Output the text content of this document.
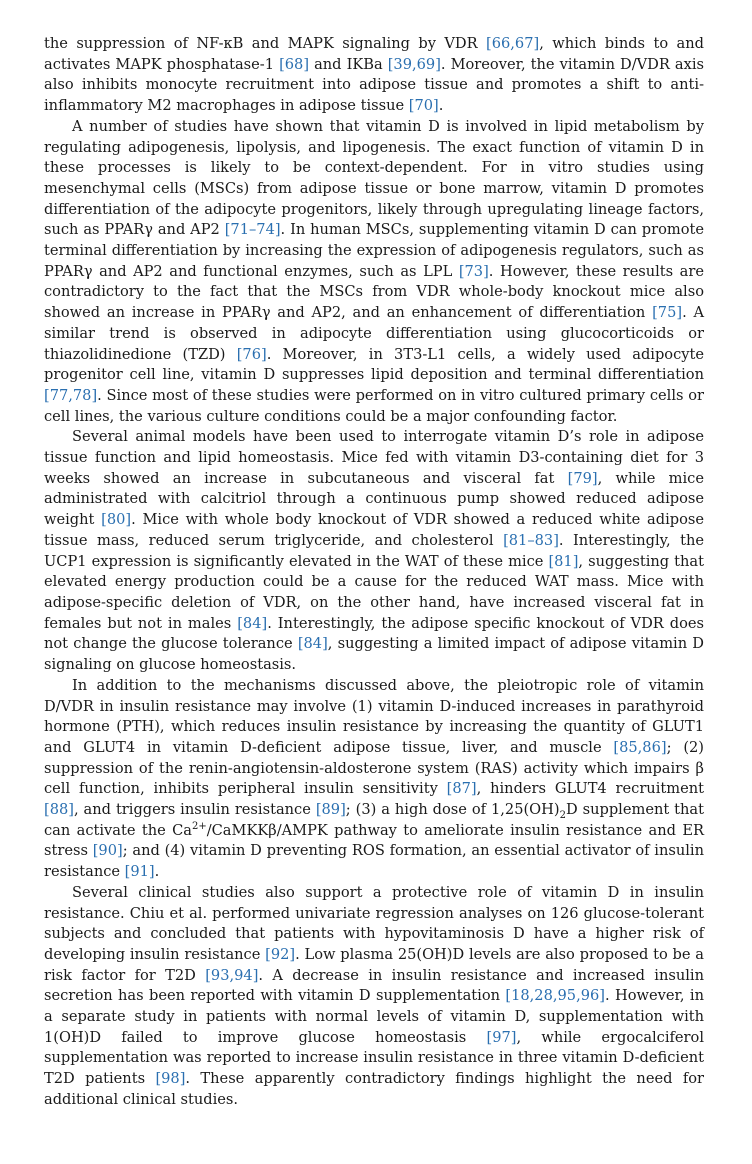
the suppression of NF-κB and MAPK signaling by VDR [66,67], which binds to and activates MAPK phosphatase-1 [68] and IKBa [39,69]. Moreover, the vitamin D/VDR axis also inhibits monocyte recruitment into adipose tissue and promotes a shift to anti-inflammatory M2 macrophages in adipose tissue [70].

A number of studies have shown that vitamin D is involved in lipid metabolism by regulating adipogenesis, lipolysis, and lipogenesis. The exact function of vitamin D in these processes is likely to be context-dependent. For in vitro studies using mesenchymal cells (MSCs) from adipose tissue or bone marrow, vitamin D promotes differentiation of the adipocyte progenitors, likely through upregulating lineage factors, such as PPARγ and AP2 [71–74]. In human MSCs, supplementing vitamin D can promote terminal differentiation by increasing the expression of adipogenesis regulators, such as PPARγ and AP2 and functional enzymes, such as LPL [73]. However, these results are contradictory to the fact that the MSCs from VDR whole-body knockout mice also showed an increase in PPARγ and AP2, and an enhancement of differentiation [75]. A similar trend is observed in adipocyte differentiation using glucocorticoids or thiazolidinedione (TZD) [76]. Moreover, in 3T3-L1 cells, a widely used adipocyte progenitor cell line, vitamin D suppresses lipid deposition and terminal differentiation [77,78]. Since most of these studies were performed on in vitro cultured primary cells or cell lines, the various culture conditions could be a major confounding factor.

Several animal models have been used to interrogate vitamin D’s role in adipose tissue function and lipid homeostasis. Mice fed with vitamin D3-containing diet for 3 weeks showed an increase in subcutaneous and visceral fat [79], while mice administrated with calcitriol through a continuous pump showed reduced adipose weight [80]. Mice with whole body knockout of VDR showed a reduced white adipose tissue mass, reduced serum triglyceride, and cholesterol [81–83]. Interestingly, the UCP1 expression is significantly elevated in the WAT of these mice [81], suggesting that elevated energy production could be a cause for the reduced WAT mass. Mice with adipose-specific deletion of VDR, on the other hand, have increased visceral fat in females but not in males [84]. Interestingly, the adipose specific knockout of VDR does not change the glucose tolerance [84], suggesting a limited impact of adipose vitamin D signaling on glucose homeostasis.

In addition to the mechanisms discussed above, the pleiotropic role of vitamin D/VDR in insulin resistance may involve (1) vitamin D-induced increases in parathyroid hormone (PTH), which reduces insulin resistance by increasing the quantity of GLUT1 and GLUT4 in vitamin D-deficient adipose tissue, liver, and muscle [85,86]; (2) suppression of the renin-angiotensin-aldosterone system (RAS) activity which impairs β cell function, inhibits peripheral insulin sensitivity [87], hinders GLUT4 recruitment [88], and triggers insulin resistance [89]; (3) a high dose of $1,25(OH)_2D$ supplement that can activate the $Ca^{2+}/CaMKK\beta$/AMPK pathway to ameliorate insulin resistance and ER stress [90]; and (4) vitamin D preventing ROS formation, an essential activator of insulin resistance [91].

Several clinical studies also support a protective role of vitamin D in insulin resistance. Chiu et al. performed univariate regression analyses on 126 glucose-tolerant subjects and concluded that patients with hypovitaminosis D have a higher risk of developing insulin resistance [92]. Low plasma 25(OH)D levels are also proposed to be a risk factor for T2D [93,94]. A decrease in insulin resistance and increased insulin secretion has been reported with vitamin D supplementation [18,28,95,96]. However, in a separate study in patients with normal levels of vitamin D, supplementation with 1(OH)D failed to improve glucose homeostasis [97], while ergocalciferol supplementation was reported to increase insulin resistance in three vitamin D-deficient T2D patients [98]. These apparently contradictory findings highlight the need for additional clinical studies.
